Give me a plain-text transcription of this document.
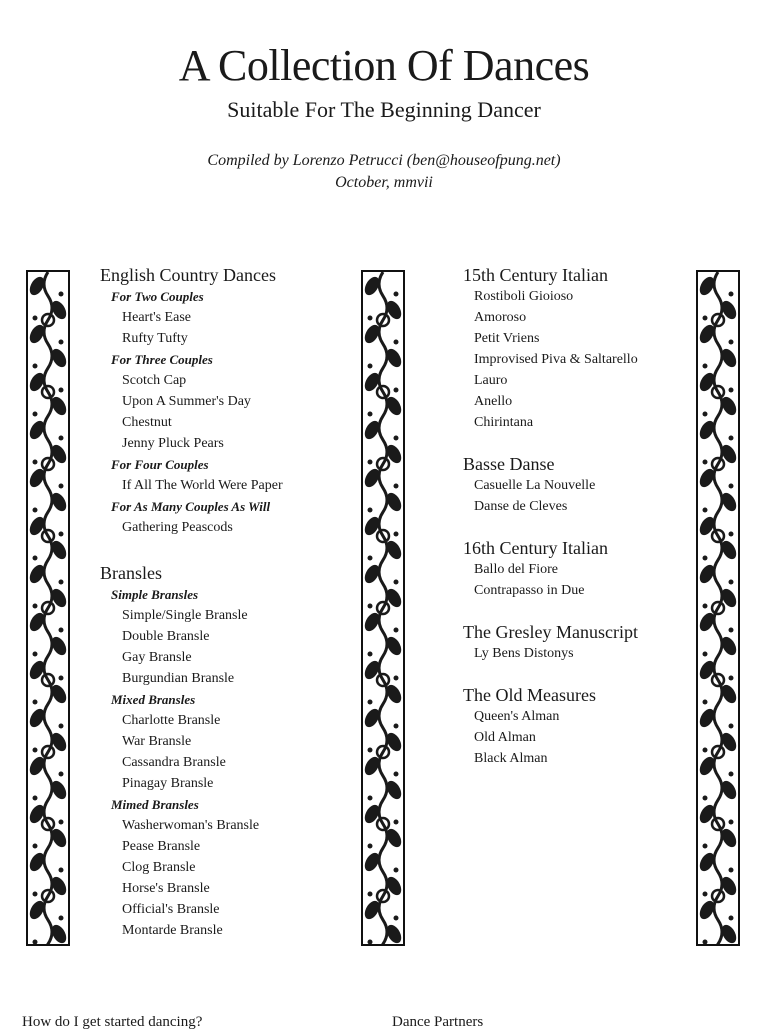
A Collection Of Dances

Suitable For The Beginning Dancer

Compiled by Lorenzo Petrucci (ben@houseofpung.net)

October, mmvii

English Country Dances

For Two Couples

Heart's Ease

Rufty Tufty

For Three Couples

Scotch Cap

Upon A Summer's Day

Chestnut

Jenny Pluck Pears

For Four Couples

If All The World Were Paper

For As Many Couples As Will

Gathering Peascods

Bransles

Simple Bransles

Simple/Single Bransle

Double Bransle

Gay Bransle

Burgundian Bransle

Mixed Bransles

Charlotte Bransle

War Bransle

Cassandra Bransle

Pinagay Bransle

Mimed Bransles

Washerwoman's Bransle

Pease Bransle

Clog Bransle

Horse's Bransle

Official's Bransle

Montarde Bransle

15th Century Italian

Rostiboli Gioioso

Amoroso

Petit Vriens

Improvised Piva & Saltarello

Lauro

Anello

Chirintana

Basse Danse

Casuelle La Nouvelle

Danse de Cleves

16th Century Italian

Ballo del Fiore

Contrapasso in Due

The Gresley Manuscript

Ly Bens Distonys

The Old Measures

Queen's Alman

Old Alman

Black Alman

How do I get started dancing?	Dance Partners
